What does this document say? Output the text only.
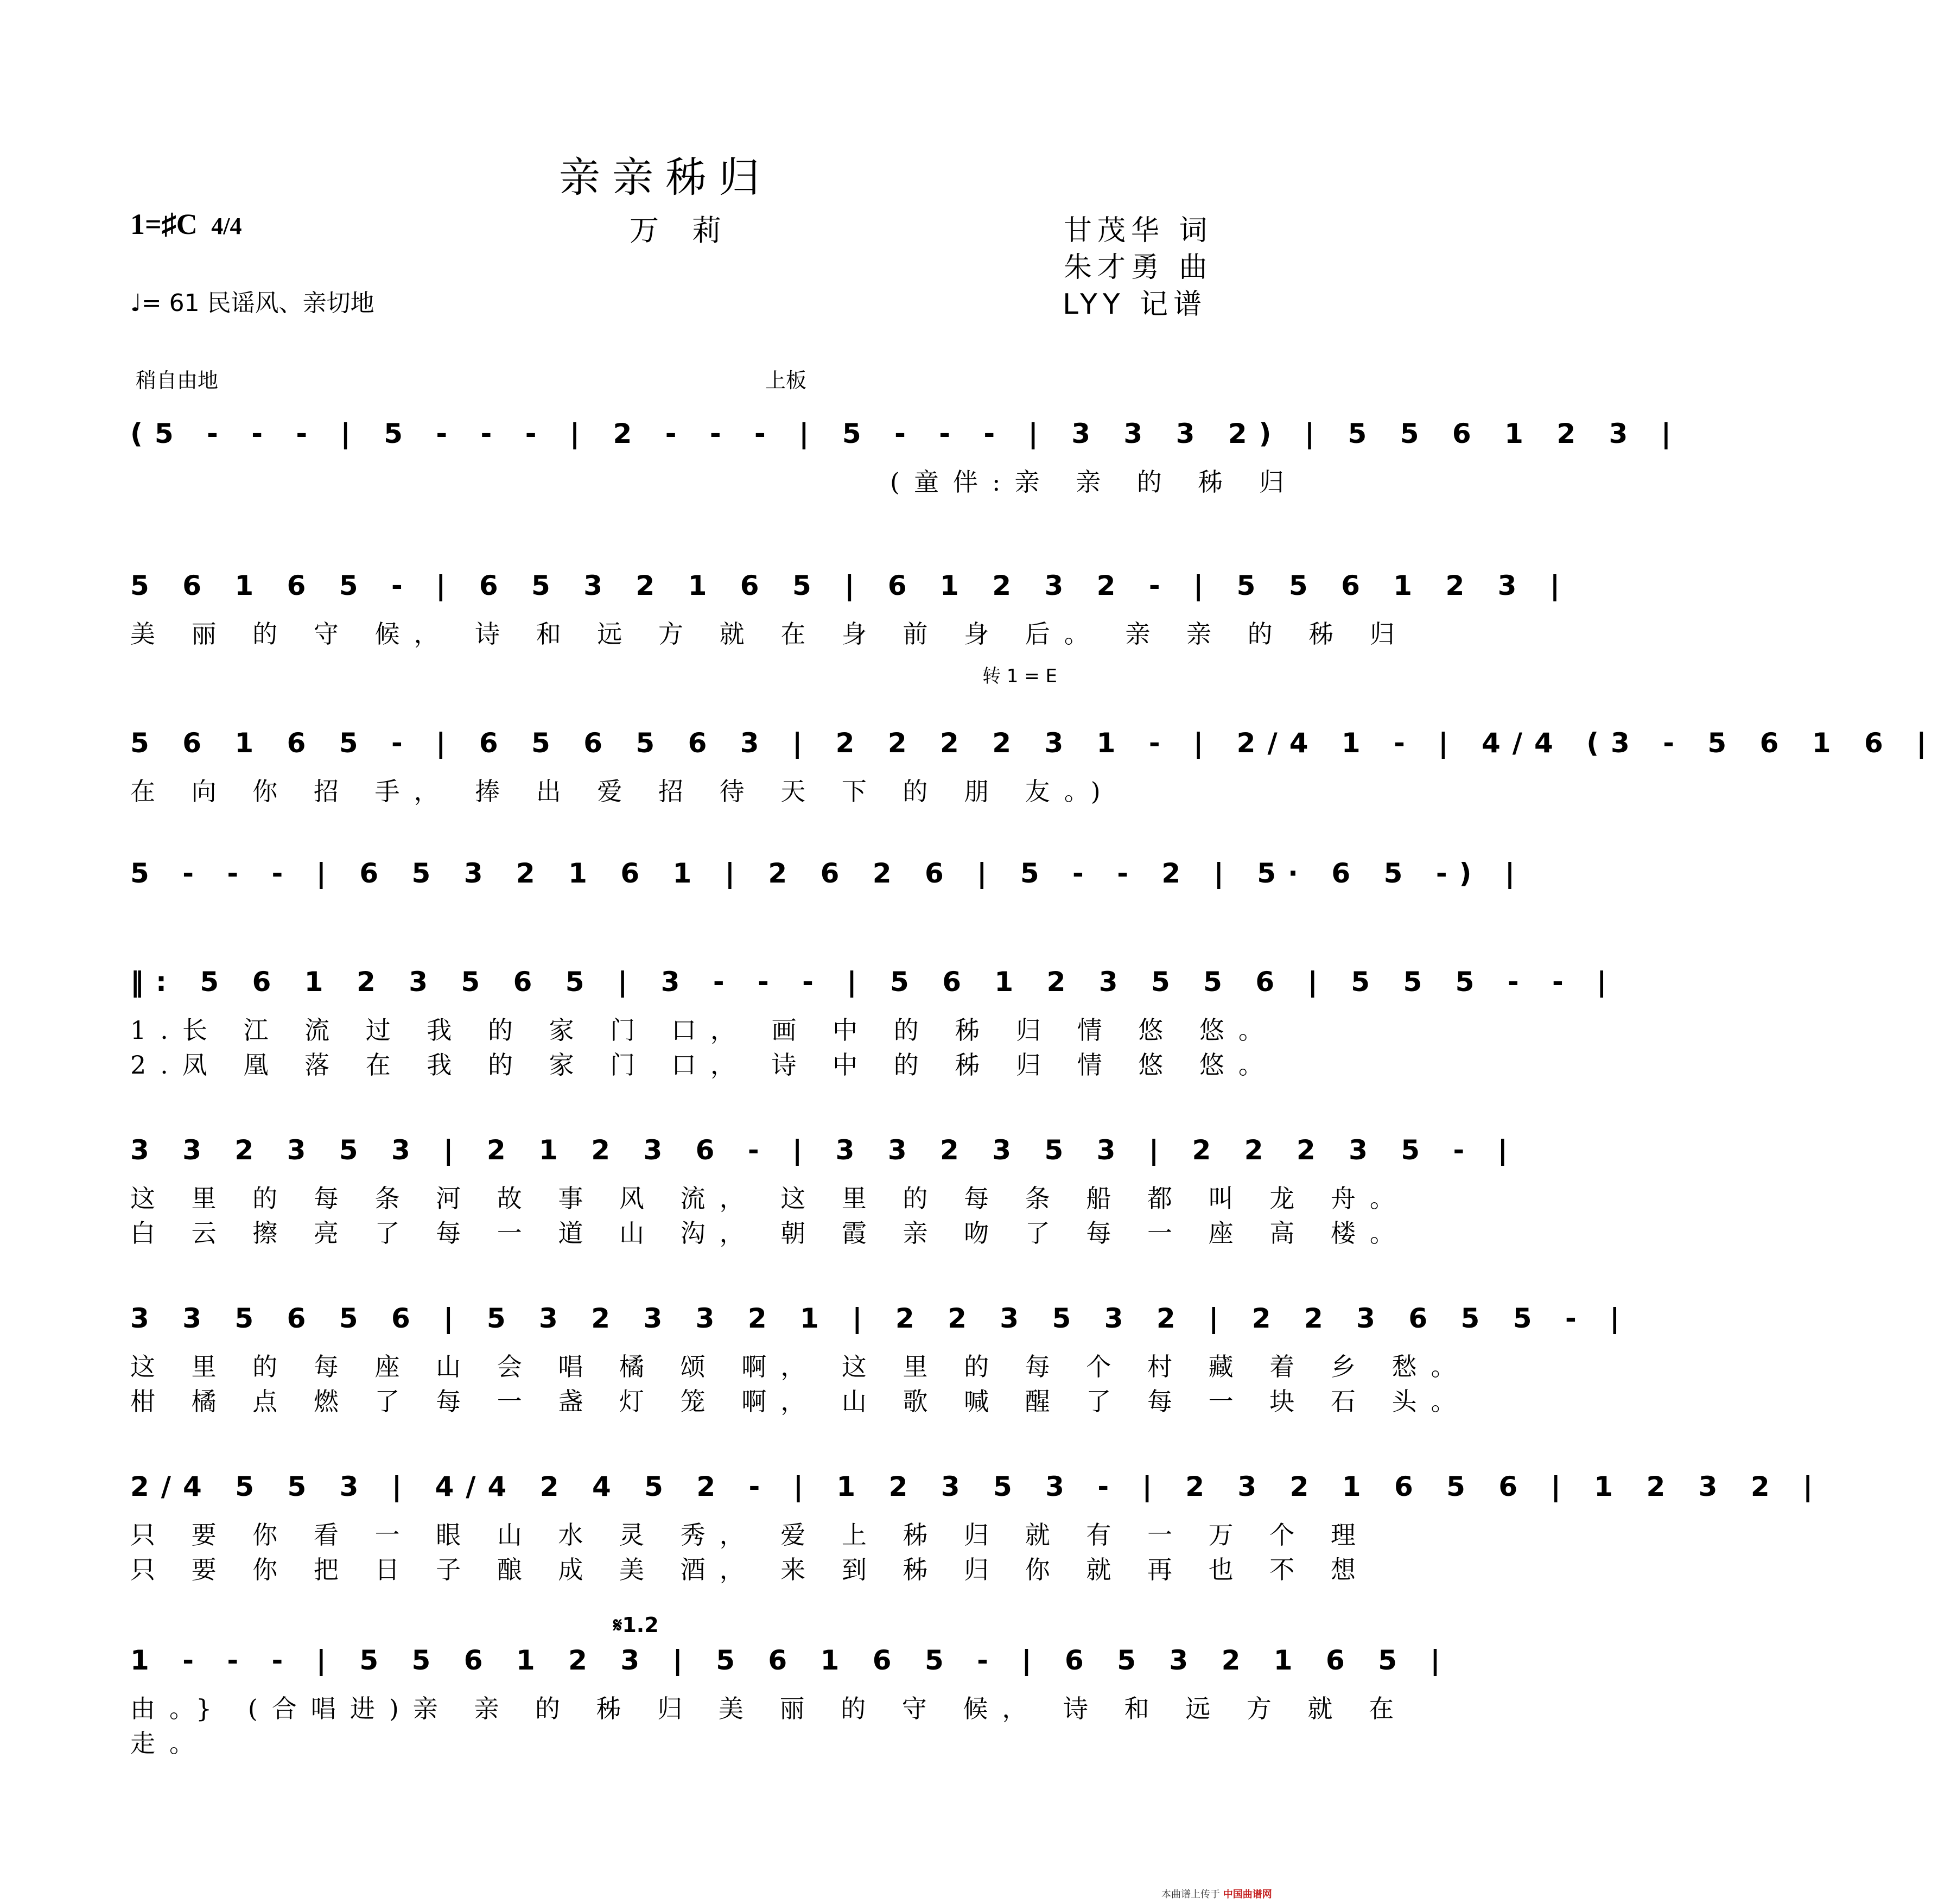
亲亲秭归
万 莉
1=♯C 4/4	甘茂华 词
朱才勇 曲
LYY 记谱
♩= 61 民谣风、亲切地
稍自由地	上板
转 1 = E
𝄋1.2
(5 - - - | 5 - - - | 2 - - - | 5 - - - | 3 3 3 2) | 5 5 6 1 2 3 |
(童伴:亲 亲 的 秭 归
5 6 1 6 5 - | 6 5 3 2 1 6 5 | 6 1 2 3 2 - | 5 5 6 1 2 3 |
美 丽 的 守 候， 诗 和 远 方 就 在 身 前 身 后。 亲 亲 的 秭 归
5 6 1 6 5 - | 6 5 6 5 6 3 | 2 2 2 2 3 1 - | 2/4 1 - | 4/4 (3 - 5 6 1 6 |
在 向 你 招 手， 捧 出 爱 招 待 天 下 的 朋 友。)
5 - - - | 6 5 3 2 1 6 1 | 2 6 2 6 | 5 - - 2 | 5· 6 5 -) |
‖: 5 6 1 2 3 5 6 5 | 3 - - - | 5 6 1 2 3 5 5 6 | 5 5 5 - - |
1.长 江 流 过 我 的 家 门 口， 画 中 的 秭 归 情 悠 悠。
2.凤 凰 落 在 我 的 家 门 口， 诗 中 的 秭 归 情 悠 悠。
3 3 2 3 5 3 | 2 1 2 3 6 - | 3 3 2 3 5 3 | 2 2 2 3 5 - |
这 里 的 每 条 河 故 事 风 流， 这 里 的 每 条 船 都 叫 龙 舟。
白 云 擦 亮 了 每 一 道 山 沟， 朝 霞 亲 吻 了 每 一 座 高 楼。
3 3 5 6 5 6 | 5 3 2 3 3 2 1 | 2 2 3 5 3 2 | 2 2 3 6 5 5 - |
这 里 的 每 座 山 会 唱 橘 颂 啊， 这 里 的 每 个 村 藏 着 乡 愁。
柑 橘 点 燃 了 每 一 盏 灯 笼 啊， 山 歌 喊 醒 了 每 一 块 石 头。
2/4 5 5 3 | 4/4 2 4 5 2 - | 1 2 3 5 3 - | 2 3 2 1 6 5 6 | 1 2 3 2 |
只 要 你 看 一 眼 山 水 灵 秀， 爱 上 秭 归 就 有 一 万 个 理
只 要 你 把 日 子 酿 成 美 酒， 来 到 秭 归 你 就 再 也 不 想
1 - - - | 5 5 6 1 2 3 | 5 6 1 6 5 - | 6 5 3 2 1 6 5 |
由。} (合唱进)亲 亲 的 秭 归 美 丽 的 守 候， 诗 和 远 方 就 在
走。
本曲谱上传于 中国曲谱网
